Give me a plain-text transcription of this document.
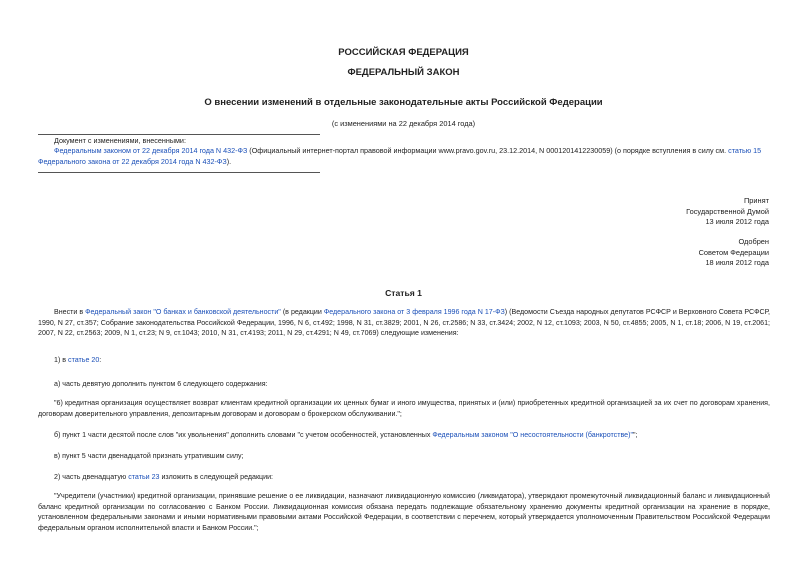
РОССИЙСКАЯ ФЕДЕРАЦИЯ
ФЕДЕРАЛЬНЫЙ ЗАКОН
О внесении изменений в отдельные законодательные акты Российской Федерации
(с изменениями на 22 декабря 2014 года)
Документ с изменениями, внесенными:
Федеральным законом от 22 декабря 2014 года N 432-ФЗ (Официальный интернет-портал правовой информации www.pravo.gov.ru, 23.12.2014, N 0001201412230059) (о порядке вступления в силу см. статью 15 Федерального закона от 22 декабря 2014 года N 432-ФЗ).
Принят
Государственной Думой
13 июля 2012 года
Одобрен
Советом Федерации
18 июля 2012 года
Статья 1
Внести в Федеральный закон "О банках и банковской деятельности" (в редакции Федерального закона от 3 февраля 1996 года N 17-ФЗ) (Ведомости Съезда народных депутатов РСФСР и Верховного Совета РСФСР, 1990, N 27, ст.357; Собрание законодательства Российской Федерации, 1996, N 6, ст.492; 1998, N 31, ст.3829; 2001, N 26, ст.2586; N 33, ст.3424; 2002, N 12, ст.1093; 2003, N 50, ст.4855; 2005, N 1, ст.18; 2006, N 19, ст.2061; 2007, N 22, ст.2563; 2009, N 1, ст.23; N 9, ст.1043; 2010, N 31, ст.4193; 2011, N 29, ст.4291; N 49, ст.7069) следующие изменения:
1) в статье 20:
а) часть девятую дополнить пунктом 6 следующего содержания:
"6) кредитная организация осуществляет возврат клиентам кредитной организации их ценных бумаг и иного имущества, принятых и (или) приобретенных кредитной организацией за их счет по договорам хранения, договорам доверительного управления, депозитарным договорам и договорам о брокерском обслуживании.";
б) пункт 1 части десятой после слов "их увольнения" дополнить словами "с учетом особенностей, установленных Федеральным законом "О несостоятельности (банкротстве)"";
в) пункт 5 части двенадцатой признать утратившим силу;
2) часть двенадцатую статьи 23 изложить в следующей редакции:
"Учредители (участники) кредитной организации, принявшие решение о ее ликвидации, назначают ликвидационную комиссию (ликвидатора), утверждают промежуточный ликвидационный баланс и ликвидационный баланс кредитной организации по согласованию с Банком России. Ликвидационная комиссия обязана передать подлежащие обязательному хранению документы кредитной организации на хранение в порядке, установленном федеральными законами и иными нормативными правовыми актами Российской Федерации, в соответствии с перечнем, который утверждается уполномоченным Правительством Российской Федерации федеральным органом исполнительной власти и Банком России.";
